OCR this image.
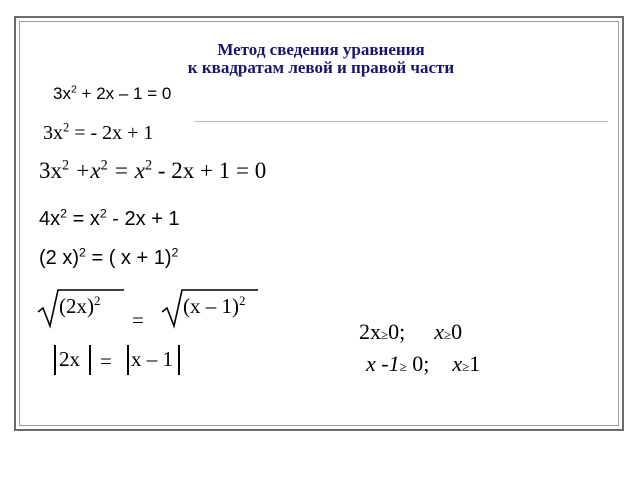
Метод сведения уравнения
к квадратам левой и правой части
$3x^2 + 2x - 1 = 0$
$3x^2$ = - 2x + 1
$3x^2 +x^2 = x^2 - 2x + 1 = 0$
$4x^2 = x^2 - 2x + 1$
(2 x)$^2$ = ( x + 1)$^2$
$(2x)^2$
=
(x – 1)$^2$
2x = x – 1
2x≥0; x≥0
x -1≥ 0; x≥1
